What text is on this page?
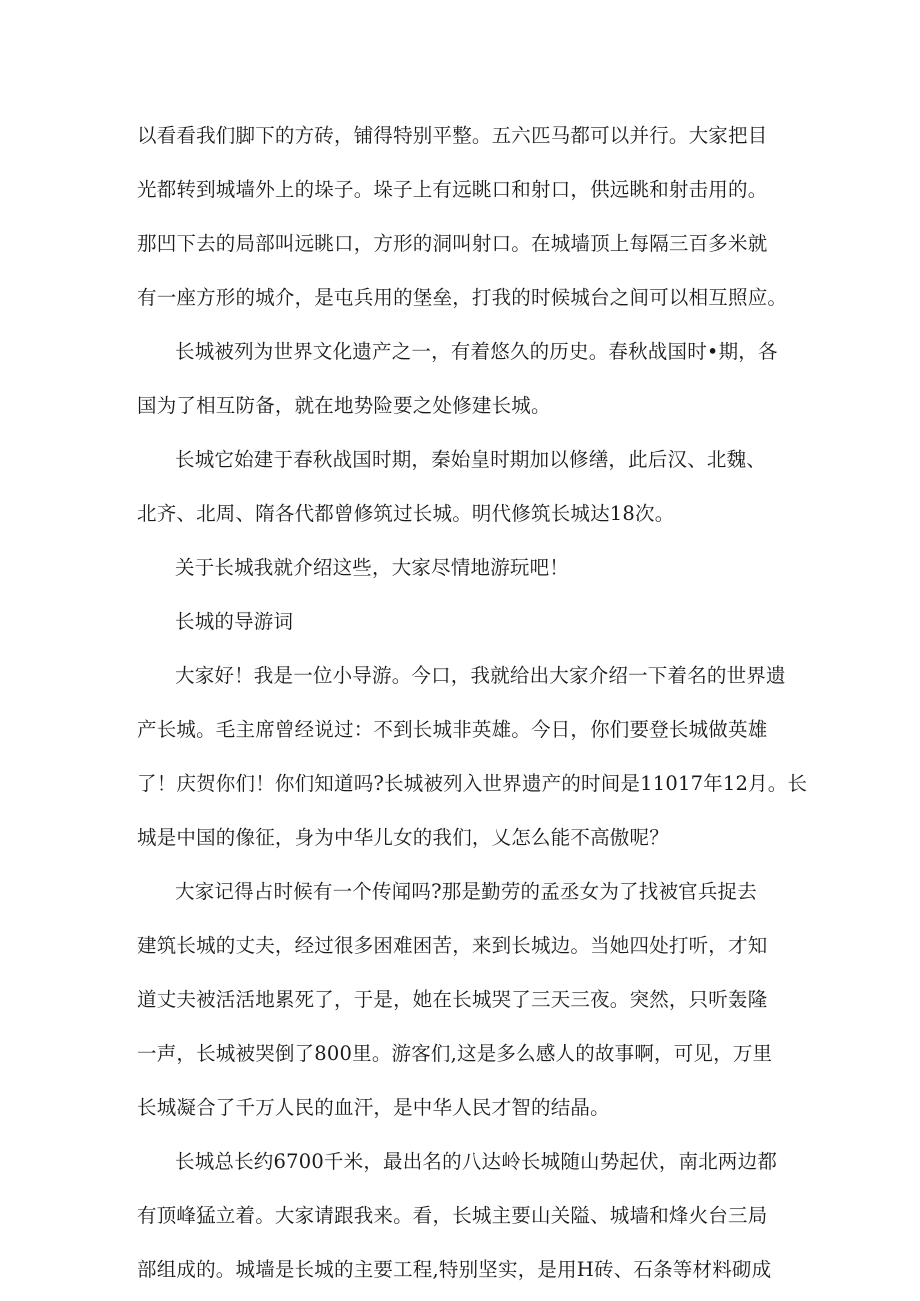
以看看我们脚下的方砖，铺得特别平整。五六匹马都可以并行。大家把目
光都转到城墙外上的垛子。垛子上有远眺口和射口，供远眺和射击用的。
那凹下去的局部叫远眺口，方形的洞叫射口。在城墙顶上每隔三百多米就
有一座方形的城介，是屯兵用的堡垒，打我的时候城台之间可以相互照应。
长城被列为世界文化遗产之一，有着悠久的历史。春秋战国时•期，各
国为了相互防备，就在地势险要之处修建长城。
长城它始建于春秋战国时期，秦始皇时期加以修缮，此后汉、北魏、
北齐、北周、隋各代都曾修筑过长城。明代修筑长城达18次。
关于长城我就介绍这些，大家尽情地游玩吧！
长城的导游词
大家好！我是一位小导游。今口，我就给出大家介绍一下着名的世界遗
产长城。毛主席曾经说过：不到长城非英雄。今日，你们要登长城做英雄
了！庆贺你们！你们知道吗?长城被列入世界遗产的时间是11017年12月。长
城是中国的像征，身为中华儿女的我们，乂怎么能不高傲呢？
大家记得占时候有一个传闻吗?那是勤劳的孟丞女为了找被官兵捉去
建筑长城的丈夫，经过很多困难困苦，来到长城边。当她四处打听，才知
道丈夫被活活地累死了，于是，她在长城哭了三天三夜。突然，只听轰隆
一声，长城被哭倒了800里。游客们,这是多么感人的故事啊，可见，万里
长城凝合了千万人民的血汗，是中华人民才智的结晶。
长城总长约6700千米，最出名的八达岭长城随山势起伏，南北两边都
有顶峰猛立着。大家请跟我来。看，长城主要山关隘、城墙和烽火台三局
部组成的。城墙是长城的主要工程,特别坚实，是用H砖、石条等材料砌成
